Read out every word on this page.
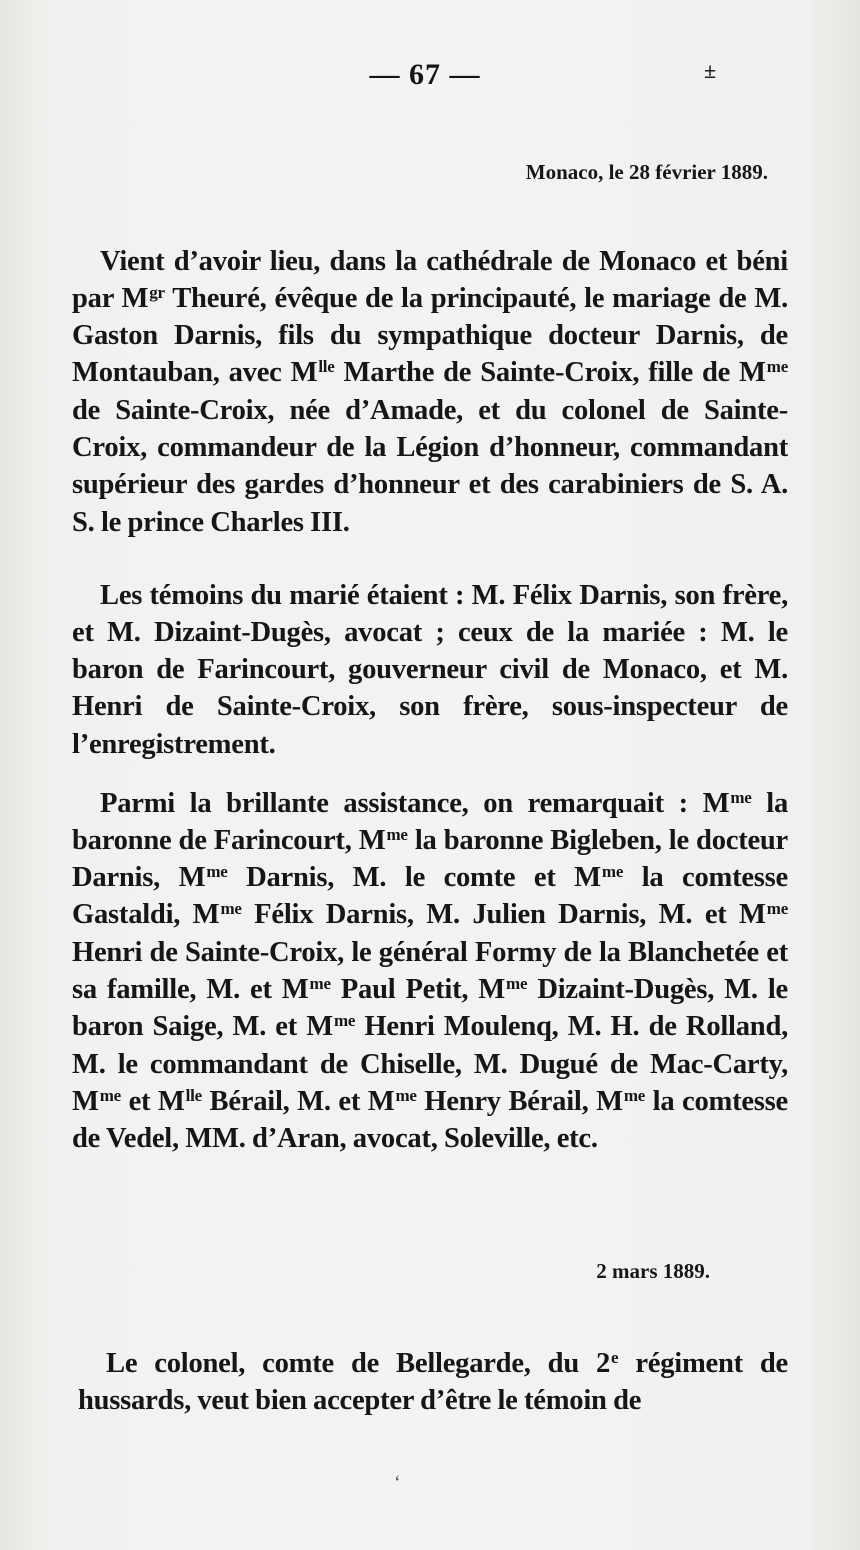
— 67 —	±
Monaco, le 28 février 1889.

Vient d’avoir lieu, dans la cathédrale de Monaco et béni par $M^{gr}$ Theuré, évêque de la principauté, le mariage de M. Gaston Darnis, fils du sympathique docteur Darnis, de Montauban, avec $M^{lle}$ Marthe de Sainte-Croix, fille de $M^{me}$ de Sainte-Croix, née d’Amade, et du colonel de Sainte-Croix, commandeur de la Légion d’honneur, commandant supérieur des gardes d’honneur et des carabiniers de S. A. S. le prince Charles III.

Les témoins du marié étaient : M. Félix Darnis, son frère, et M. Dizaint-Dugès, avocat ; ceux de la mariée : M. le baron de Farincourt, gouverneur civil de Monaco, et M. Henri de Sainte-Croix, son frère, sous-inspecteur de l’enregistrement.

Parmi la brillante assistance, on remarquait : $M^{me}$ la baronne de Farincourt, $M^{me}$ la baronne Bigleben, le docteur Darnis, $M^{me}$ Darnis, M. le comte et $M^{me}$ la comtesse Gastaldi, $M^{me}$ Félix Darnis, M. Julien Darnis, M. et $M^{me}$ Henri de Sainte-Croix, le général Formy de la Blanchetée et sa famille, M. et $M^{me}$ Paul Petit, $M^{me}$ Dizaint-Dugès, M. le baron Saige, M. et $M^{me}$ Henri Moulenq, M. H. de Rolland, M. le commandant de Chiselle, M. Dugué de Mac-Carty, $M^{me}$ et $M^{lle}$ Bérail, M. et $M^{me}$ Henry Bérail, $M^{me}$ la comtesse de Vedel, MM. d’Aran, avocat, Soleville, etc.

2 mars 1889.

Le colonel, comte de Bellegarde, du 2e régiment de hussards, veut bien accepter d’être le témoin de

ʻ
